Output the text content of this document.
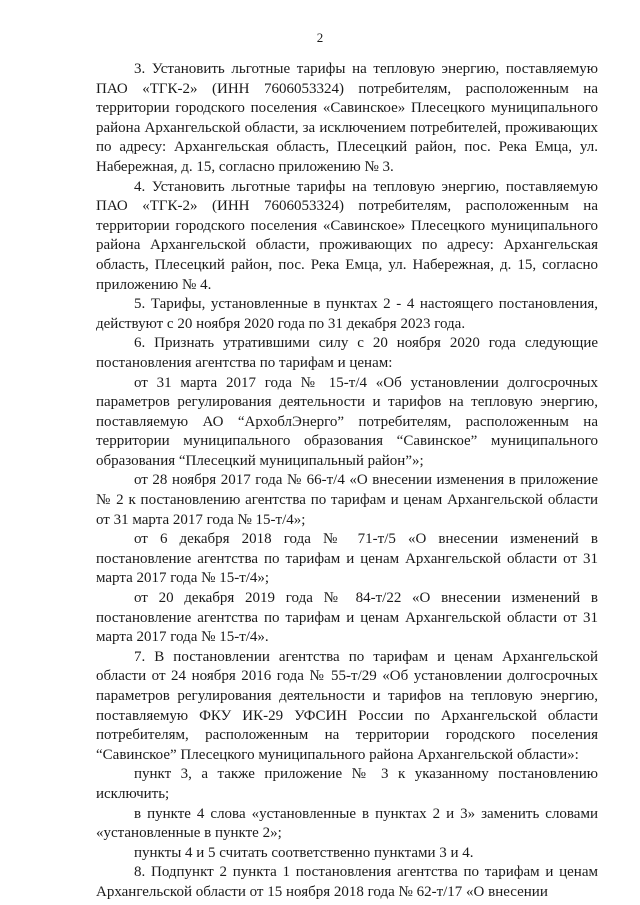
2

3. Установить льготные тарифы на тепловую энергию, поставляемую ПАО «ТГК-2» (ИНН 7606053324) потребителям, расположенным на территории городского поселения «Савинское» Плесецкого муниципального района Архангельской области, за исключением потребителей, проживающих по адресу: Архангельская область, Плесецкий район, пос. Река Емца, ул. Набережная, д. 15, согласно приложению № 3.

4. Установить льготные тарифы на тепловую энергию, поставляемую ПАО «ТГК-2» (ИНН 7606053324) потребителям, расположенным на территории городского поселения «Савинское» Плесецкого муниципального района Архангельской области, проживающих по адресу: Архангельская область, Плесецкий район, пос. Река Емца, ул. Набережная, д. 15, согласно приложению № 4.

5. Тарифы, установленные в пунктах 2 - 4 настоящего постановления, действуют с 20 ноября 2020 года по 31 декабря 2023 года.

6. Признать утратившими силу с 20 ноября 2020 года следующие постановления агентства по тарифам и ценам:

от 31 марта 2017 года № 15-т/4 «Об установлении долгосрочных параметров регулирования деятельности и тарифов на тепловую энергию, поставляемую АО “АрхоблЭнерго” потребителям, расположенным на территории муниципального образования “Савинское” муниципального образования “Плесецкий муниципальный район”»;

от 28 ноября 2017 года № 66-т/4 «О внесении изменения в приложение № 2 к постановлению агентства по тарифам и ценам Архангельской области от 31 марта 2017 года № 15-т/4»;

от 6 декабря 2018 года № 71-т/5 «О внесении изменений в постановление агентства по тарифам и ценам Архангельской области от 31 марта 2017 года № 15-т/4»;

от 20 декабря 2019 года № 84-т/22 «О внесении изменений в постановление агентства по тарифам и ценам Архангельской области от 31 марта 2017 года № 15-т/4».

7. В постановлении агентства по тарифам и ценам Архангельской области от 24 ноября 2016 года № 55-т/29 «Об установлении долгосрочных параметров регулирования деятельности и тарифов на тепловую энергию, поставляемую ФКУ ИК-29 УФСИН России по Архангельской области потребителям, расположенным на территории городского поселения “Савинское” Плесецкого муниципального района Архангельской области»:

пункт 3, а также приложение № 3 к указанному постановлению исключить;

в пункте 4 слова «установленные в пунктах 2 и 3» заменить словами «установленные в пункте 2»;

пункты 4 и 5 считать соответственно пунктами 3 и 4.

8. Подпункт 2 пункта 1 постановления агентства по тарифам и ценам Архангельской области от 15 ноября 2018 года № 62-т/17 «О внесении
